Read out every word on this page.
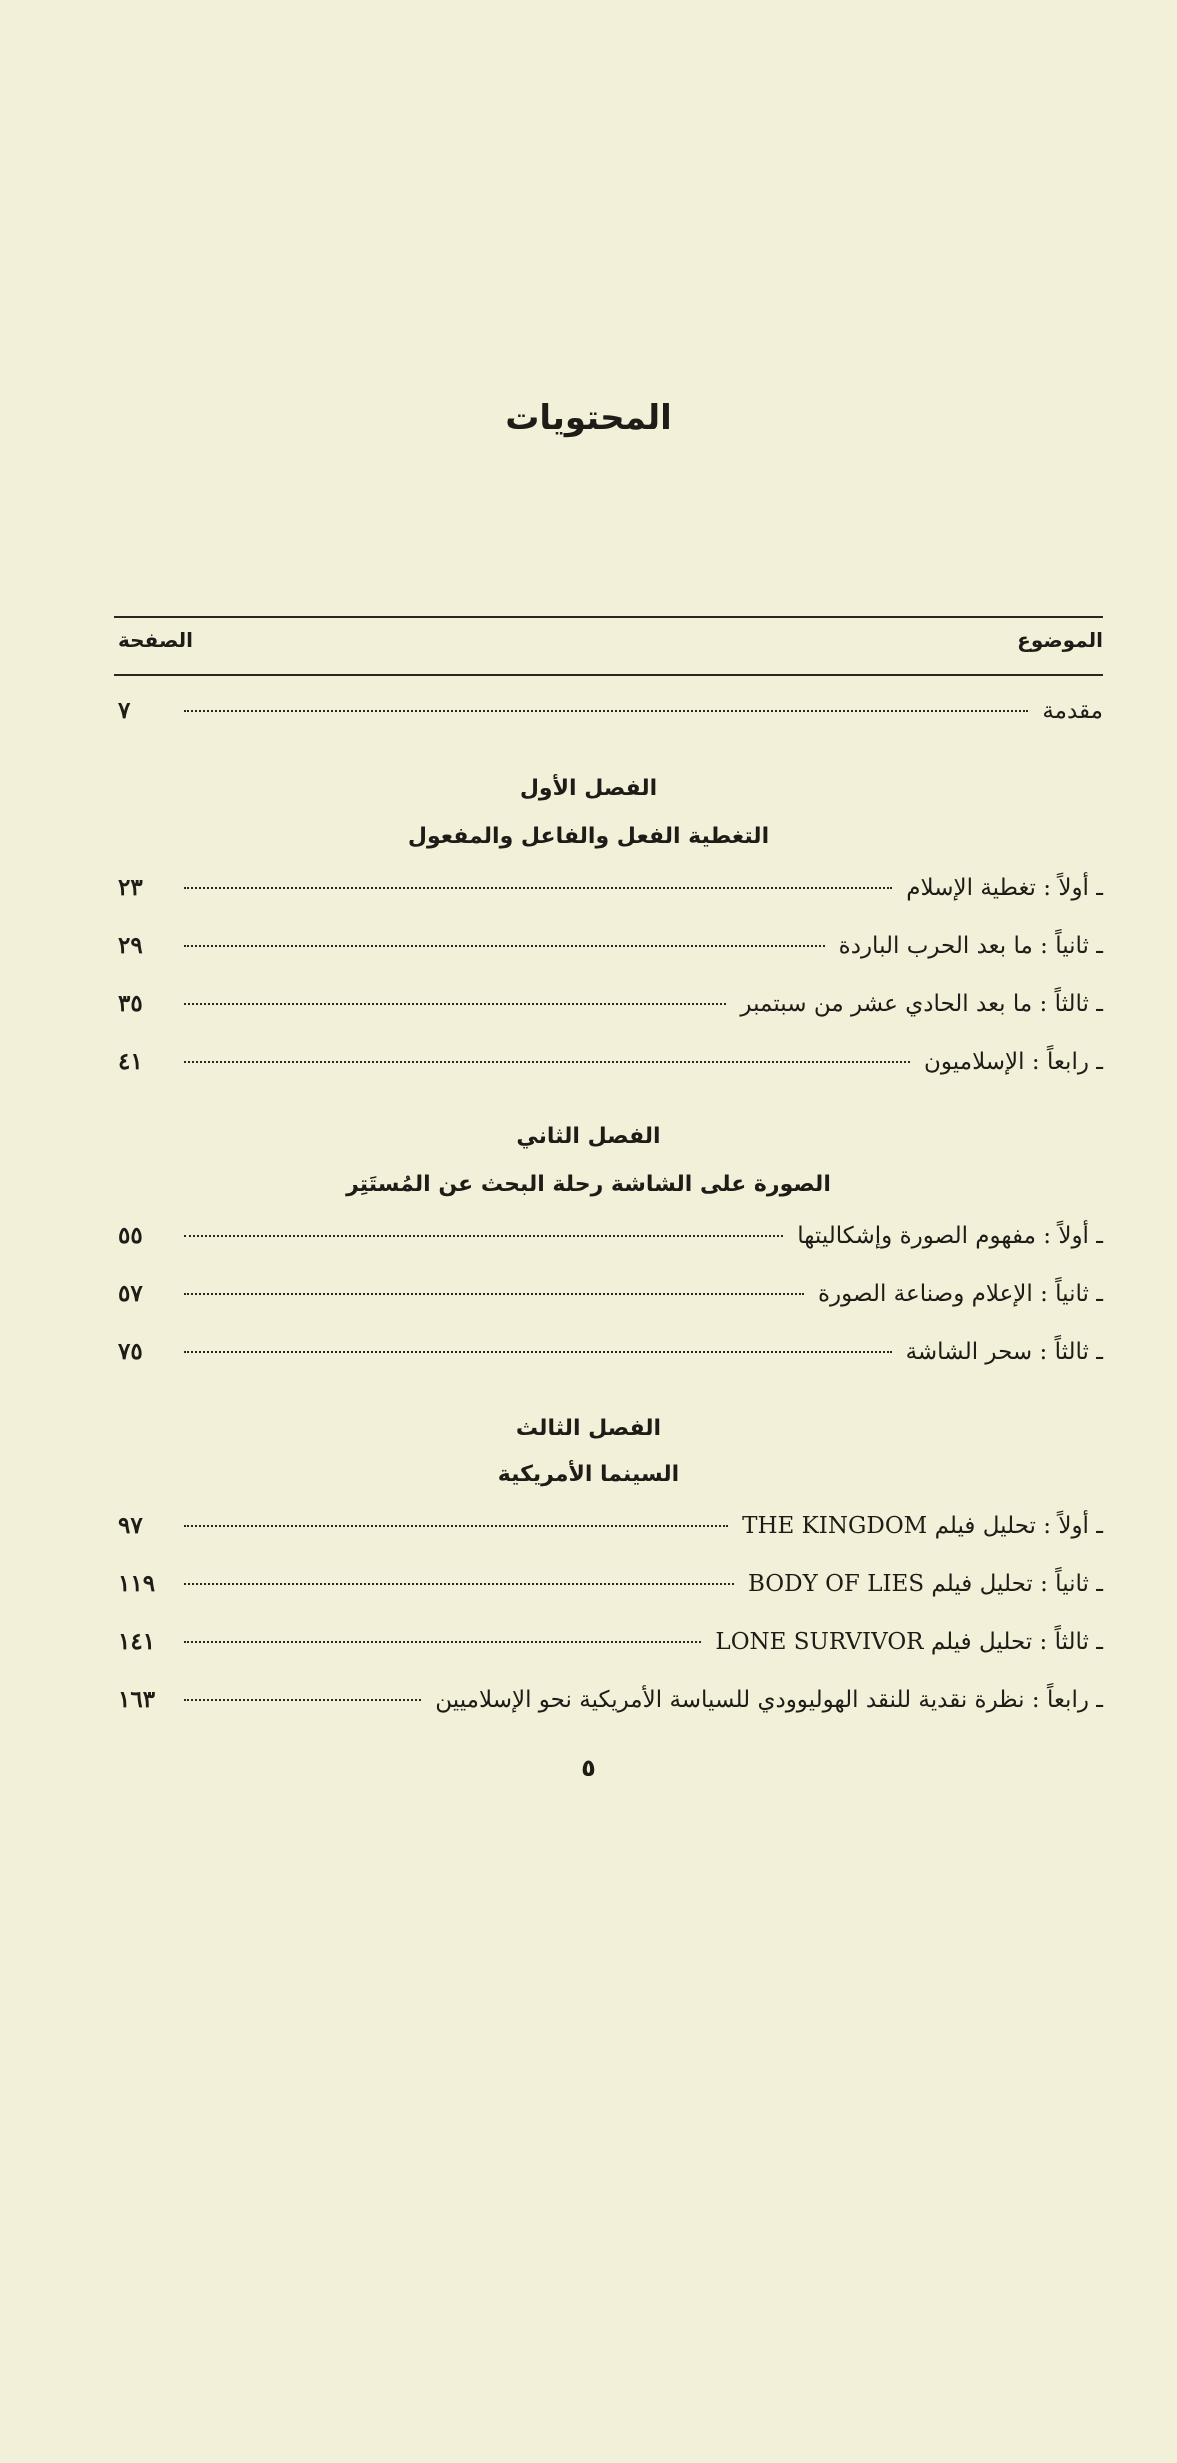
المحتويات
الموضوع
الصفحة
مقدمة
٧
الفصل الأول
التغطية الفعل والفاعل والمفعول
ـ أولاً : تغطية الإسلام
٢٣
ـ ثانياً : ما بعد الحرب الباردة
٢٩
ـ ثالثاً : ما بعد الحادي عشر من سبتمبر
٣٥
ـ رابعاً : الإسلاميون
٤١
الفصل الثاني
الصورة على الشاشة رحلة البحث عن المُستَتِر
ـ أولاً : مفهوم الصورة وإشكاليتها
٥٥
ـ ثانياً : الإعلام وصناعة الصورة
٥٧
ـ ثالثاً : سحر الشاشة
٧٥
الفصل الثالث
السينما الأمريكية
ـ أولاً : تحليل فيلم THE KINGDOM
٩٧
ـ ثانياً : تحليل فيلم BODY OF LIES
١١٩
ـ ثالثاً : تحليل فيلم LONE SURVIVOR
١٤١
ـ رابعاً : نظرة نقدية للنقد الهوليوودي للسياسة الأمريكية نحو الإسلاميين
١٦٣
٥
